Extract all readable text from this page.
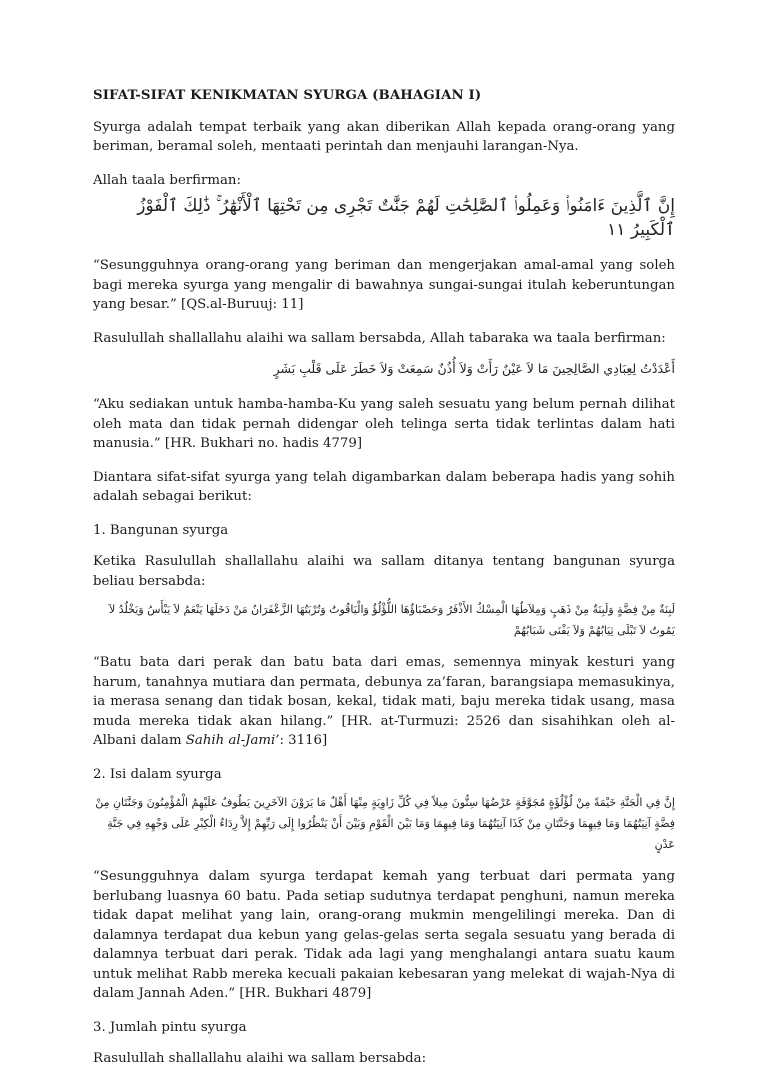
SIFAT-SIFAT KENIKMATAN SYURGA (BAHAGIAN I)

Syurga adalah tempat terbaik yang akan diberikan Allah kepada orang-orang yang beriman, beramal soleh, mentaati perintah dan menjauhi larangan-Nya.

Allah taala berfirman:

إِنَّ ٱلَّذِينَ ءَامَنُوا۟ وَعَمِلُوا۟ ٱلصَّٰلِحَٰتِ لَهُمْ جَنَّٰتٌ تَجْرِى مِن تَحْتِهَا ٱلْأَنْهَٰرُ ۚ ذَٰلِكَ ٱلْفَوْزُ ٱلْكَبِيرُ ١١

“Sesungguhnya orang-orang yang beriman dan mengerjakan amal-amal yang soleh bagi mereka syurga yang mengalir di bawahnya sungai-sungai itulah keberuntungan yang besar.” [QS.al-Buruuj: 11]

Rasulullah shallallahu alaihi wa sallam bersabda, Allah tabaraka wa taala berfirman:

أَعْدَدْتُ لِعِبَادِي الصَّالِحِينَ مَا لاَ عَيْنٌ رَأَتْ وَلاَ أُذُنٌ سَمِعَتْ وَلاَ خَطَرَ عَلَى قَلْبِ بَشَرٍ

“Aku sediakan untuk hamba-hamba-Ku yang saleh sesuatu yang belum pernah dilihat oleh mata dan tidak pernah didengar oleh telinga serta tidak terlintas dalam hati manusia.” [HR. Bukhari no. hadis 4779]

Diantara sifat-sifat syurga yang telah digambarkan dalam beberapa hadis yang sohih adalah sebagai berikut:

1. Bangunan syurga

Ketika Rasulullah shallallahu alaihi wa sallam ditanya tentang bangunan syurga beliau bersabda:

لَبِنَةٌ مِنْ فِضَّةٍ وَلَبِنَةٌ مِنْ ذَهَبٍ وَمِلاَطُهَا الْمِسْكُ الأَذْفَرُ وَحَصْبَاؤُهَا اللُّؤْلُؤُ وَالْيَاقُوتُ وَتُرْبَتُهَا الزَّعْفَرَانُ مَنْ دَخَلَهَا يَنْعَمُ لاَ يَبْأَسُ وَيَخْلُدُ لاَ يَمُوتُ لاَ تَبْلَى ثِيَابُهُمْ وَلاَ يَفْنَى شَبَابُهُمْ

“Batu bata dari perak dan batu bata dari emas, semennya minyak kesturi yang harum, tanahnya mutiara dan permata, debunya za’faran, barangsiapa memasukinya, ia merasa senang dan tidak bosan, kekal, tidak mati, baju mereka tidak usang, masa muda mereka tidak akan hilang.” [HR. at-Turmuzi: 2526 dan sisahihkan oleh al-Albani dalam Sahih al-Jami’: 3116]

2. Isi dalam syurga

إِنَّ فِي الْجَنَّةِ خَيْمَةً مِنْ لُؤْلُؤَةٍ مُجَوَّفَةٍ عَرْضُهَا سِتُّونَ مِيلاً فِي كُلِّ زَاوِيَةٍ مِنْهَا أَهْلٌ مَا يَرَوْنَ الآخَرِينَ يَطُوفُ عَلَيْهِمُ الْمُؤْمِنُونَ وَجَنَّتَانِ مِنْ فِضَّةٍ آنِيَتُهُمَا وَمَا فِيهِمَا وَجَنَّتَانِ مِنْ كَذَا آنِيَتُهُمَا وَمَا فِيهِمَا وَمَا بَيْنَ الْقَوْمِ وَبَيْنَ أَنْ يَنْظُرُوا إِلَى رَبِّهِمْ إِلاَّ رِدَاءُ الْكِبْرِ عَلَى وَجْهِهِ فِي جَنَّةِ عَدْنٍ

“Sesungguhnya dalam syurga terdapat kemah yang terbuat dari permata yang berlubang luasnya 60 batu. Pada setiap sudutnya terdapat penghuni, namun mereka tidak dapat melihat yang lain, orang-orang mukmin mengelilingi mereka. Dan di dalamnya terdapat dua kebun yang gelas-gelas serta segala sesuatu yang berada di dalamnya terbuat dari perak. Tidak ada lagi yang menghalangi antara suatu kaum untuk melihat Rabb mereka kecuali pakaian kebesaran yang melekat di wajah-Nya di dalam Jannah Aden.” [HR. Bukhari 4879]

3. Jumlah pintu syurga

Rasulullah shallallahu alaihi wa sallam bersabda:
